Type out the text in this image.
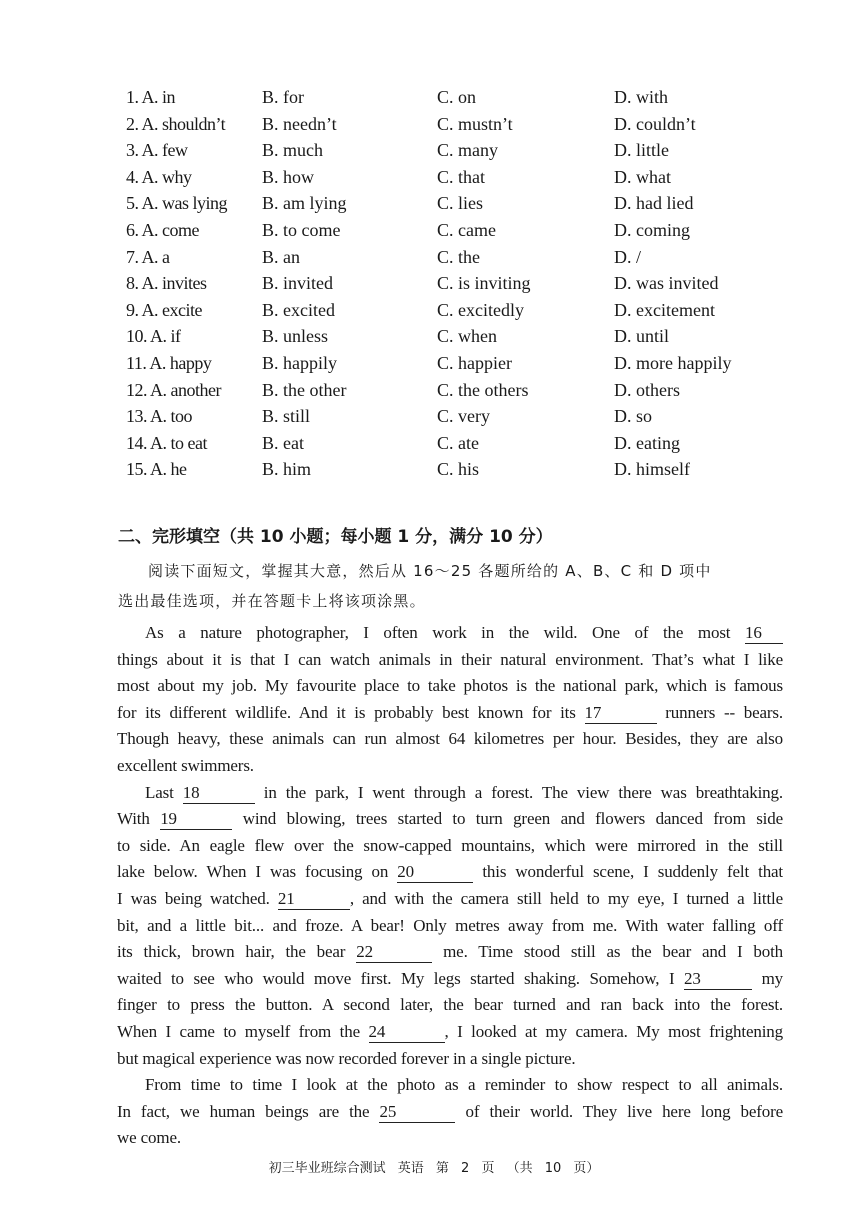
1. A. in	B. for	C. on	D. with
2. A. shouldn’t B. needn’t	C. mustn’t	D. couldn’t
3. A. few	B. much	C. many	D. little
4. A. why	B. how	C. that	D. what
5. A. was lying B. am lying	C. lies	D. had lied
6. A. come	B. to come	C. came	D. coming
7. A. a	B. an	C. the	D. /
8. A. invites	B. invited	C. is inviting	D. was invited
9. A. excite	B. excited	C. excitedly	D. excitement
10. A. if	B. unless	C. when	D. until
11. A. happy	B. happily	C. happier	D. more happily
12. A. another B. the other	C. the others	D. others
13. A. too	B. still	C. very	D. so
14. A. to eat	B. eat	C. ate	D. eating
15. A. he	B. him	C. his	D. himself
二、完形填空（共 10 小题；每小题 1 分，满分 10 分）
阅读下面短文，掌握其大意，然后从 16～25 各题所给的 A、B、C 和 D 项中
选出最佳选项，并在答题卡上将该项涂黑。
As a nature photographer, I often work in the wild. One of the most 16
things about it is that I can watch animals in their natural environment. That’s what I like
most about my job. My favourite place to take photos is the national park, which is famous
for its different wildlife. And it is probably best known for its 17	runners -- bears.
Though heavy, these animals can run almost 64 kilometres per hour. Besides, they are also
excellent swimmers.
Last 18	in the park, I went through a forest. The view there was breathtaking.
With 19	wind blowing, trees started to turn green and flowers danced from side
to side. An eagle flew over the snow-capped mountains, which were mirrored in the still
lake below. When I was focusing on 20	this wonderful scene, I suddenly felt that
I was being watched. 21	, and with the camera still held to my eye, I turned a little
bit, and a little bit... and froze. A bear! Only metres away from me. With water falling off
its thick, brown hair, the bear 22	me. Time stood still as the bear and I both
waited to see who would move first. My legs started shaking. Somehow, I 23	my
finger to press the button. A second later, the bear turned and ran back into the forest.
When I came to myself from the 24	, I looked at my camera. My most frightening
but magical experience was now recorded forever in a single picture.
From time to time I look at the photo as a reminder to show respect to all animals.
In fact, we human beings are the 25	of their world. They live here long before
we come.
初三毕业班综合测试 英语 第 2 页 （共 10 页）
